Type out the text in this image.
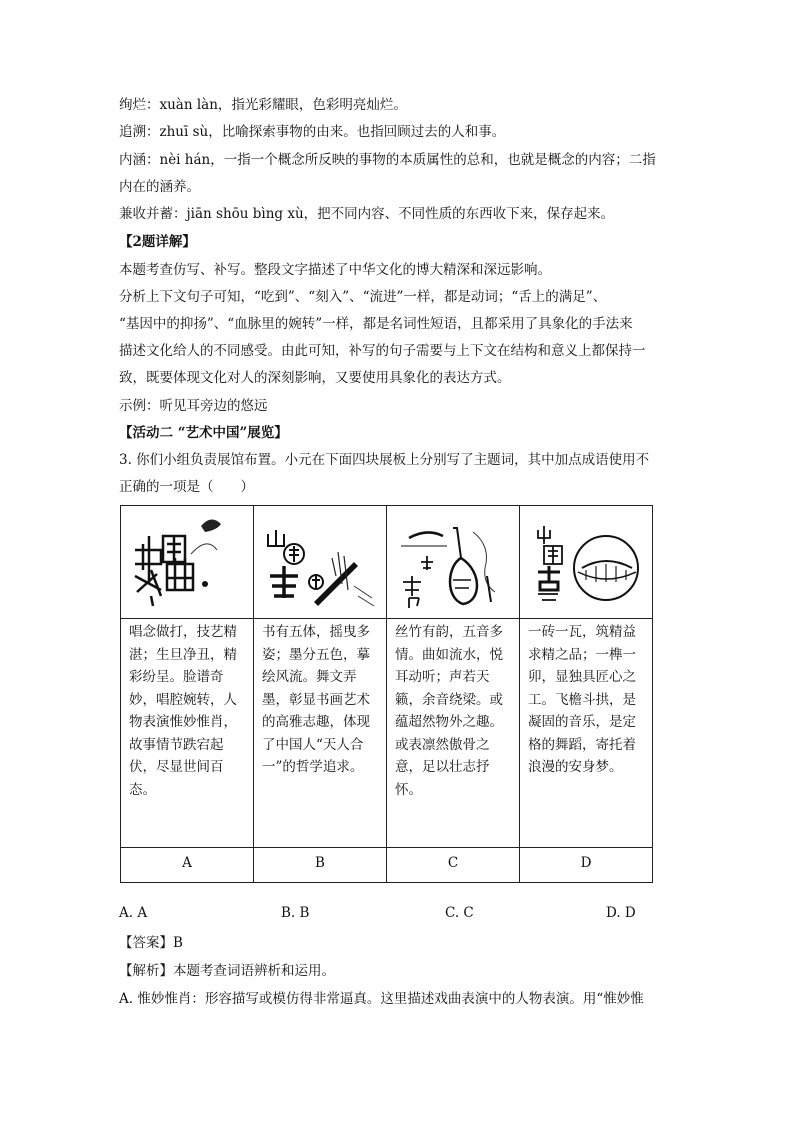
绚烂：xuàn làn，指光彩耀眼，色彩明亮灿烂。
追溯：zhuī sù，比喻探索事物的由来。也指回顾过去的人和事。
内涵：nèi hán，一指一个概念所反映的事物的本质属性的总和，也就是概念的内容；二指
内在的涵养。
兼收并蓄：jiān shōu bìng xù，把不同内容、不同性质的东西收下来，保存起来。
【2题详解】
本题考查仿写、补写。整段文字描述了中华文化的博大精深和深远影响。
分析上下文句子可知，“吃到”、“刻入”、“流进”一样，都是动词；“舌上的满足”、
“基因中的抑扬”、“血脉里的婉转”一样，都是名词性短语，且都采用了具象化的手法来
描述文化给人的不同感受。由此可知，补写的句子需要与上下文在结构和意义上都保持一
致，既要体现文化对人的深刻影响，又要使用具象化的表达方式。
示例：听见耳旁边的悠远
【活动二 “艺术中国”展览】
3. 你们小组负责展馆布置。小元在下面四块展板上分别写了主题词，其中加点成语使用不
正确的一项是（　　）

唱念做打，技艺精湛；生旦净丑，精彩纷呈。脸谱奇妙，唱腔婉转，人物表演惟妙惟肖，故事情节跌宕起伏，尽显世间百态。	书有五体，摇曳多姿；墨分五色，摹绘风流。舞文弄墨，彰显书画艺术的高雅志趣，体现了中国人“天人合一”的哲学追求。	丝竹有韵，五音多情。曲如流水，悦耳动听；声若天籁，余音绕梁。或蕴超然物外之趣。或表凛然傲骨之意，足以壮志抒怀。	一砖一瓦，筑精益求精之品；一榫一卯，显独具匠心之工。飞檐斗拱，是凝固的音乐，是定格的舞蹈，寄托着浪漫的安身梦。

A	B	C	D
A. A	B. B	C. C	D. D
【答案】B
【解析】本题考查词语辨析和运用。
A. 惟妙惟肖：形容描写或模仿得非常逼真。这里描述戏曲表演中的人物表演。用“惟妙惟
